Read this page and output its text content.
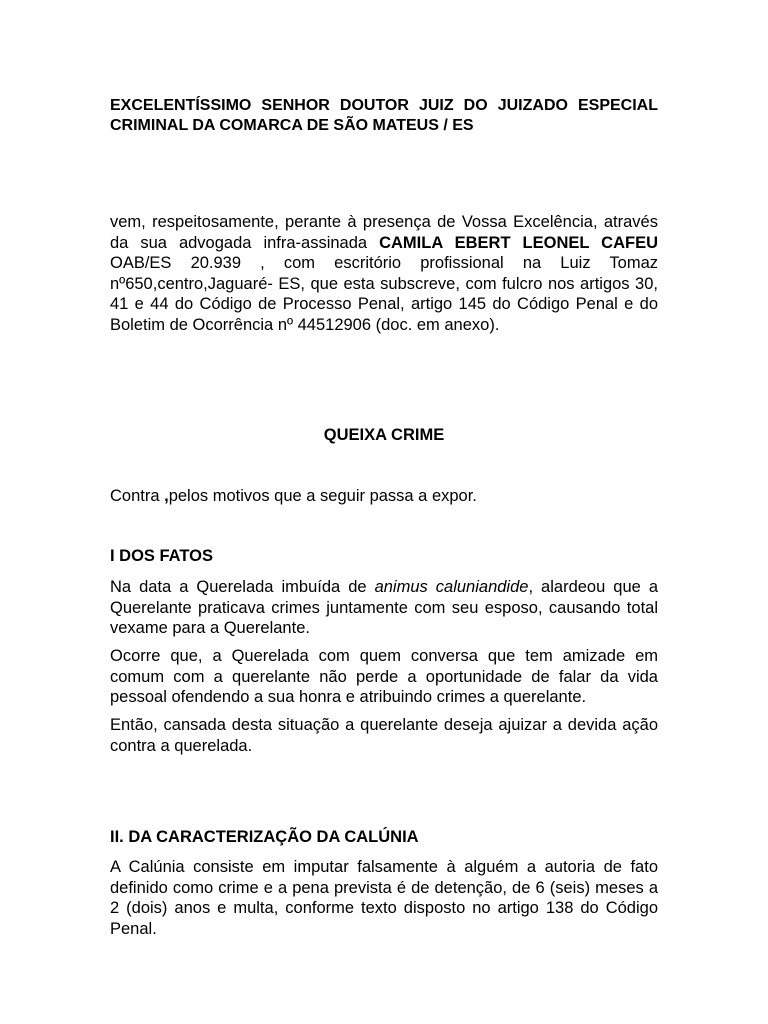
EXCELENTÍSSIMO SENHOR DOUTOR JUIZ DO JUIZADO ESPECIAL CRIMINAL DA COMARCA DE SÃO MATEUS / ES

vem, respeitosamente, perante à presença de Vossa Excelência, através da sua advogada infra-assinada CAMILA EBERT LEONEL CAFEU OAB/ES 20.939 , com escritório profissional na Luiz Tomaz nº650,centro,Jaguaré- ES, que esta subscreve, com fulcro nos artigos 30, 41 e 44 do Código de Processo Penal, artigo 145 do Código Penal e do Boletim de Ocorrência nº 44512906 (doc. em anexo).

QUEIXA CRIME

Contra ,pelos motivos que a seguir passa a expor.

I DOS FATOS

Na data a Querelada imbuída de animus caluniandide, alardeou que a Querelante praticava crimes juntamente com seu esposo, causando total vexame para a Querelante.

Ocorre que, a Querelada com quem conversa que tem amizade em comum com a querelante não perde a oportunidade de falar da vida pessoal ofendendo a sua honra e atribuindo crimes a querelante.

Então, cansada desta situação a querelante deseja ajuizar a devida ação contra a querelada.

II. DA CARACTERIZAÇÃO DA CALÚNIA

A Calúnia consiste em imputar falsamente à alguém a autoria de fato definido como crime e a pena prevista é de detenção, de 6 (seis) meses a 2 (dois) anos e multa, conforme texto disposto no artigo 138 do Código Penal.
